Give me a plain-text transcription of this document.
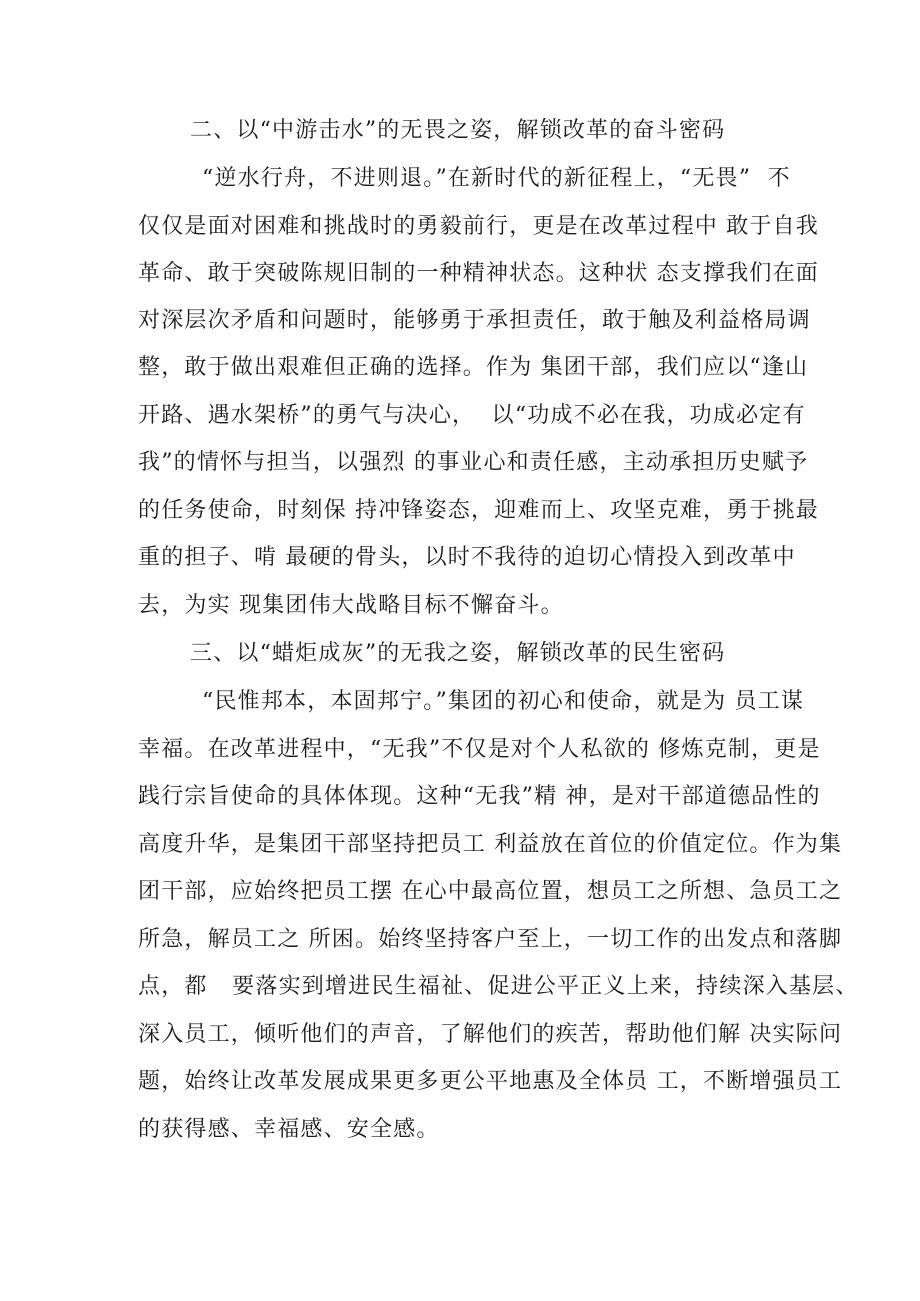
二、以“中游击水”的无畏之姿，解锁改革的奋斗密码
“逆水行舟，不进则退。”在新时代的新征程上，“无畏”  不
仅仅是面对困难和挑战时的勇毅前行，更是在改革过程中 敢于自我
革命、敢于突破陈规旧制的一种精神状态。这种状 态支撑我们在面
对深层次矛盾和问题时，能够勇于承担责任，敢于触及利益格局调
整，敢于做出艰难但正确的选择。作为 集团干部，我们应以“逢山
开路、遇水架桥”的勇气与决心，  以“功成不必在我，功成必定有
我”的情怀与担当，以强烈 的事业心和责任感，主动承担历史赋予
的任务使命，时刻保 持冲锋姿态，迎难而上、攻坚克难，勇于挑最
重的担子、啃 最硬的骨头，以时不我待的迫切心情投入到改革中
去，为实 现集团伟大战略目标不懈奋斗。
三、以“蜡炬成灰”的无我之姿，解锁改革的民生密码
“民惟邦本，本固邦宁。”集团的初心和使命，就是为 员工谋
幸福。在改革进程中，“无我”不仅是对个人私欲的 修炼克制，更是
践行宗旨使命的具体体现。这种“无我”精 神，是对干部道德品性的
高度升华，是集团干部坚持把员工 利益放在首位的价值定位。作为集
团干部，应始终把员工摆 在心中最高位置，想员工之所想、急员工之
所急，解员工之 所困。始终坚持客户至上，一切工作的出发点和落脚
点，都   要落实到增进民生福祉、促进公平正义上来，持续深入基层、
深入员工，倾听他们的声音，了解他们的疾苦，帮助他们解 决实际问
题，始终让改革发展成果更多更公平地惠及全体员 工，不断增强员工
的获得感、幸福感、安全感。
